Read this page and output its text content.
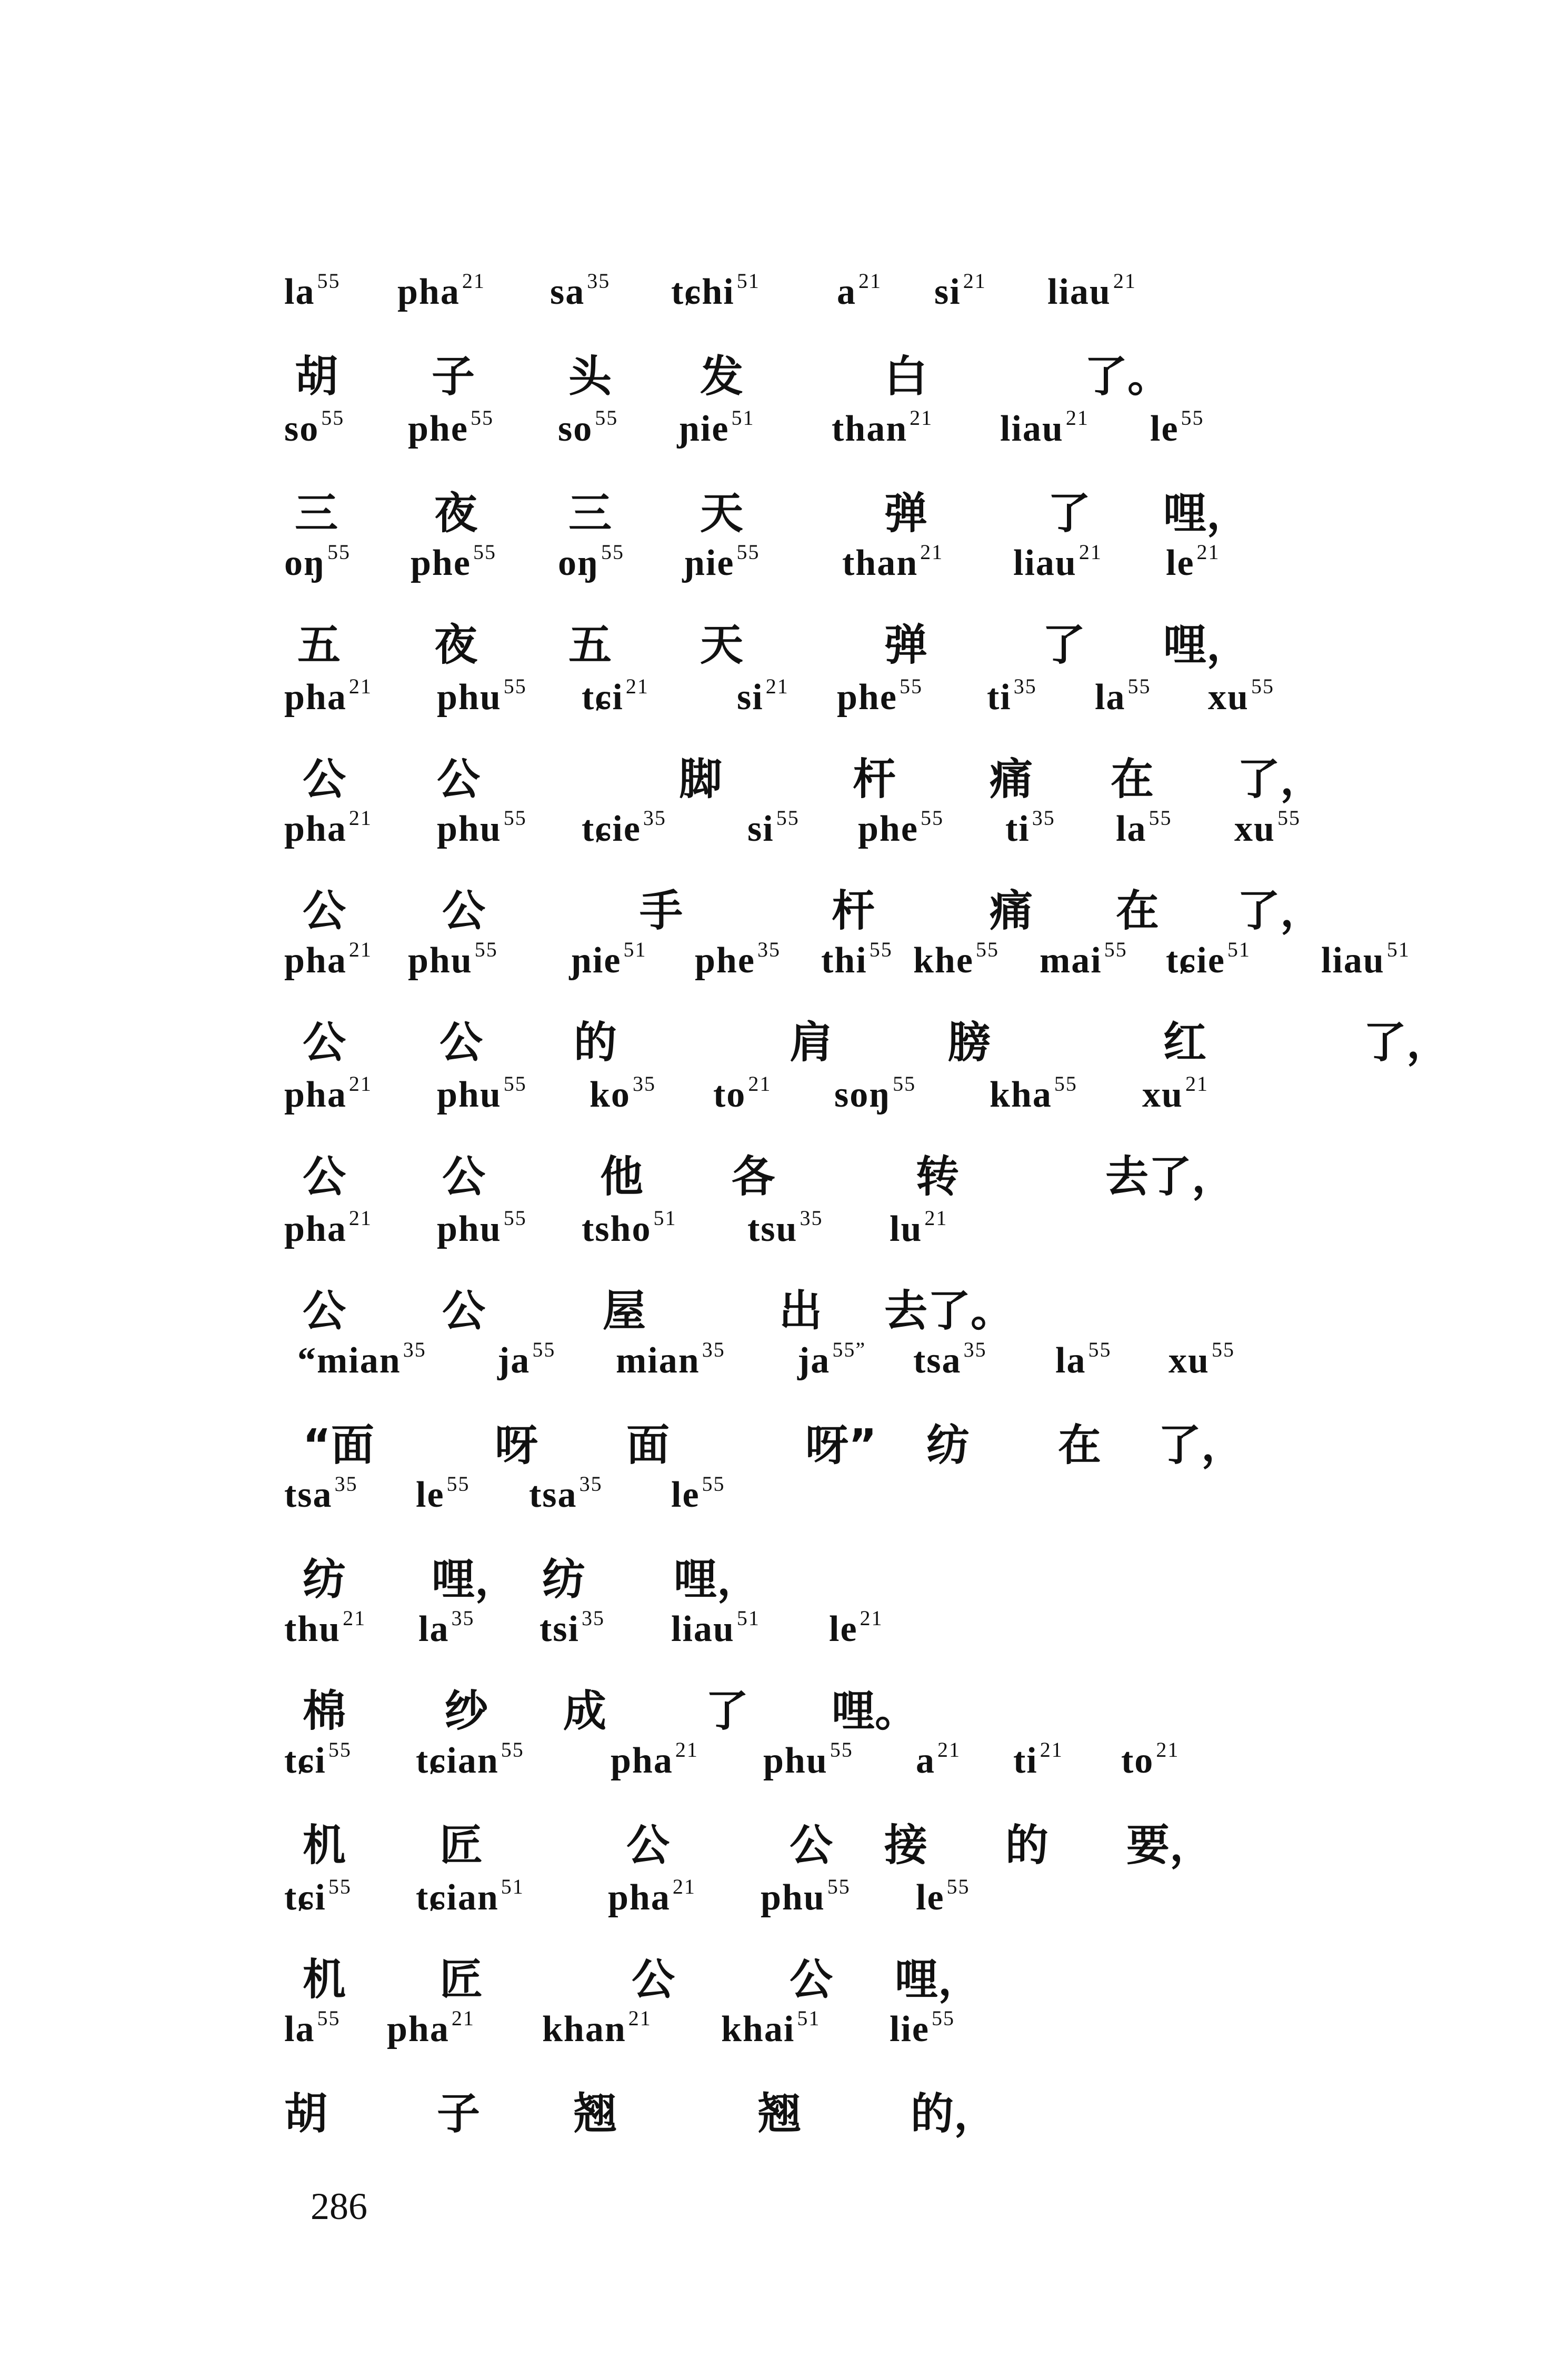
la $^{55}$ pha $^{21}$ sa $^{35}$ tɕhi $^{51}$ a $^{21}$ si $^{21}$ liau $^{21}$
胡 子 头 发	白	了。
so $^{55}$ phe $^{55}$ so $^{55}$ ɲie $^{51}$ than $^{21}$ liau $^{21}$ le $^{55}$
三 夜 三 天	弹	了 哩，
oŋ $^{55}$ phe $^{55}$ oŋ $^{55}$ ɲie $^{55}$ than $^{21}$ liau $^{21}$ le $^{21}$
五 夜 五 天	弹	了 哩，
pha $^{21}$ phu $^{55}$ tɕi $^{21}$ si $^{21}$ phe $^{55}$ ti $^{35}$ la $^{55}$ xu $^{55}$
公 公	脚	杆 痛 在 了，
pha $^{21}$ phu $^{55}$ tɕie $^{35}$ si $^{55}$ phe $^{55}$ ti $^{35}$ la $^{55}$ xu $^{55}$
公 公	手	杆	痛 在 了，
pha $^{21}$ phu $^{55}$ ɲie $^{51}$ phe $^{35}$ thi $^{55}$ khe $^{55}$ mai $^{55}$ tɕie $^{51}$ liau $^{51}$
公 公 的	肩	膀	红	了，
pha $^{21}$ phu $^{55}$ ko $^{35}$ to $^{21}$ soŋ $^{55}$ kha $^{55}$ xu $^{21}$
公 公	他 各	转	去了，
pha $^{21}$ phu $^{55}$ tsho $^{51}$ tsu $^{35}$ lu $^{21}$
公 公	屋	出 去了。
“mian $^{35}$ ja $^{55}$ mian $^{35}$ ja $^{55”}$ tsa $^{35}$ la $^{55}$ xu $^{55}$
“面	呀 面	呀” 纺 在 了，
tsa $^{35}$ le $^{55}$ tsa $^{35}$ le $^{55}$
纺 哩， 纺 哩，
thu $^{21}$ la $^{35}$ tsi $^{35}$ liau $^{51}$ le $^{21}$
棉 纱 成 了 哩。
tɕi $^{55}$ tɕian $^{55}$ pha $^{21}$ phu $^{55}$ a $^{21}$ ti $^{21}$ to $^{21}$
机 匠	公	公 接 的 要，
tɕi $^{55}$ tɕian $^{51}$ pha $^{21}$ phu $^{55}$ le $^{55}$
机 匠	公	公 哩，
la $^{55}$ pha $^{21}$ khan $^{21}$ khai $^{51}$ lie $^{55}$
胡	子 翘	翘	的，
286
